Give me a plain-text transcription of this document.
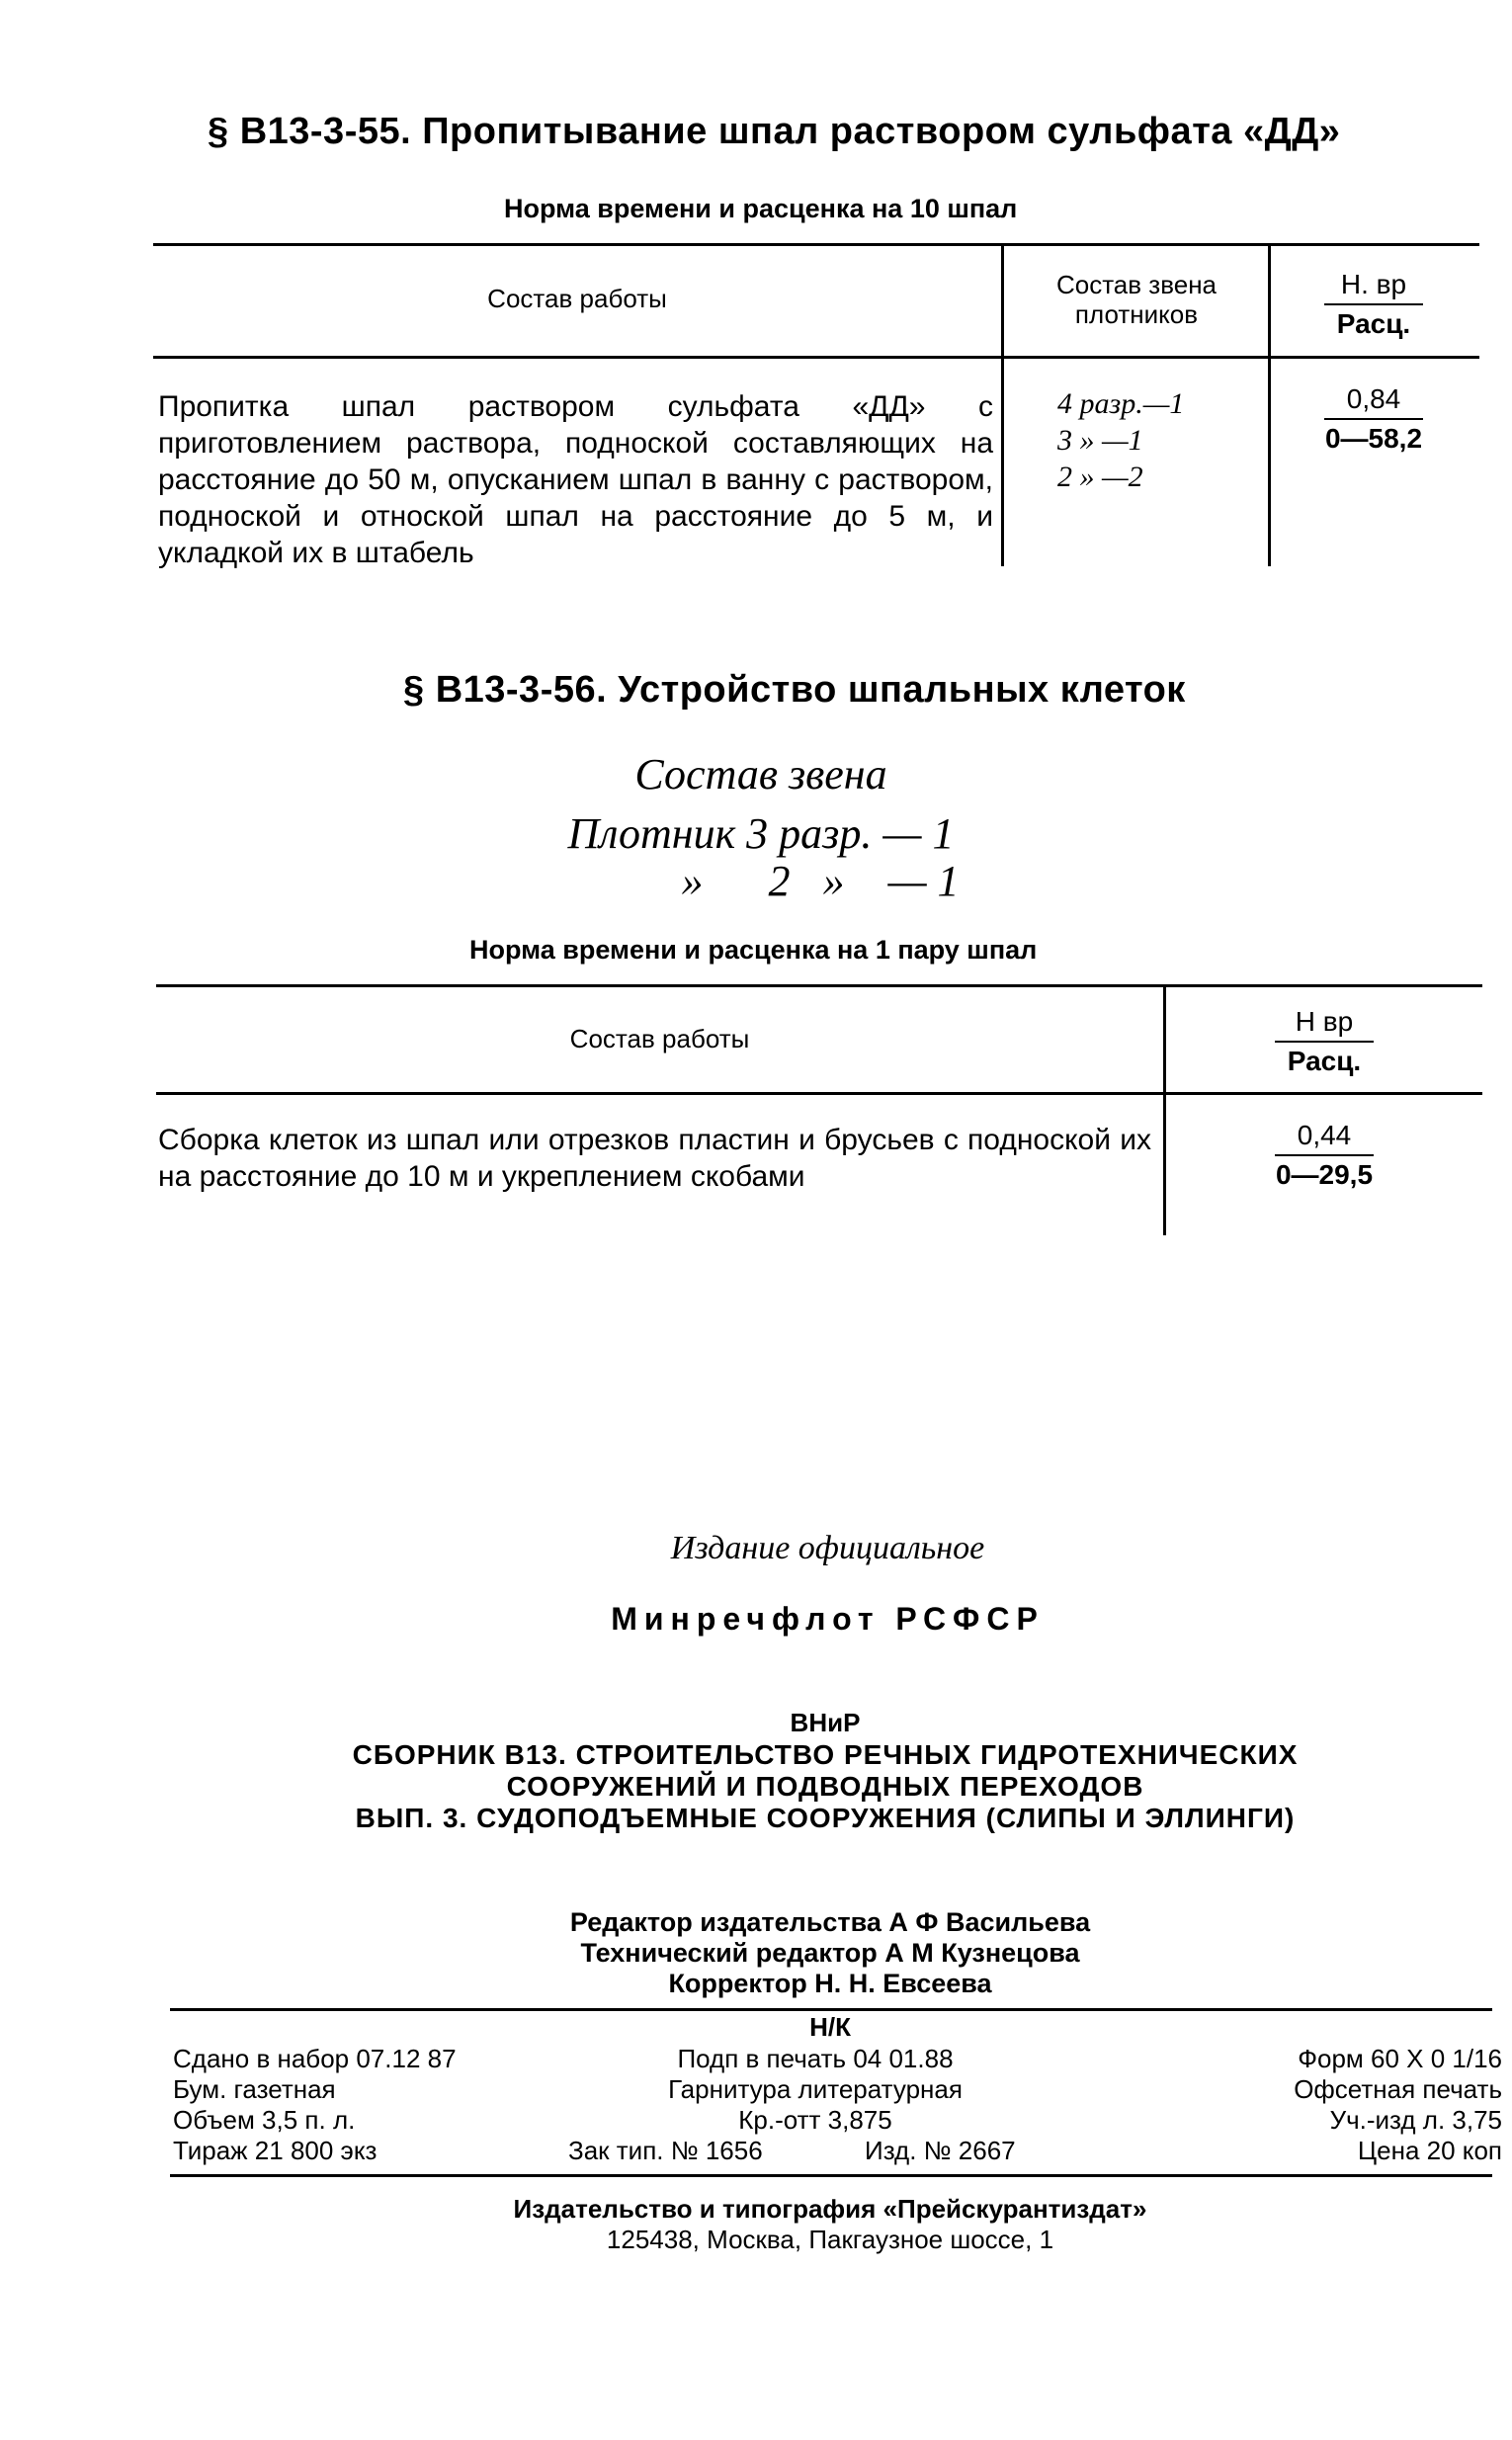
§ В13-3-55. Пропитывание шпал раствором сульфата «ДД»
Норма времени и расценка на 10 шпал
Состав работы	Состав звена плотников
Н. вр
Расц.
Пропитка шпал раствором сульфата «ДД» с приготовлением раствора, подноской составляющих на расстояние до 50 м, опусканием шпал в ванну с раствором, подноской и отноской шпал на расстояние до 5 м, и укладкой их в штабель
4 разр.—1
3 » —1
2 » —2
0,84
0—58,2
§ В13-3-56. Устройство шпальных клеток
Состав звена
Плотник 3 разр. — 1
»      2   »    — 1
Норма времени и расценка на 1 пару шпал
Состав работы
Н вр
Расц.
Сборка клеток из шпал или отрезков пластин и брусьев с подноской их на расстояние до 10 м и укреплением скобами
0,44
0—29,5
Издание официальное
Минречфлот РСФСР
ВНиР
СБОРНИК В13. СТРОИТЕЛЬСТВО РЕЧНЫХ ГИДРОТЕХНИЧЕСКИХ
СООРУЖЕНИЙ И ПОДВОДНЫХ ПЕРЕХОДОВ
ВЫП. 3. СУДОПОДЪЕМНЫЕ СООРУЖЕНИЯ (СЛИПЫ И ЭЛЛИНГИ)
Редактор издательства А Ф Васильева
Технический редактор А М Кузнецова
Корректор Н. Н. Евсеева
Н/К
Сдано в набор 07.12 87
Бум. газетная
Объем 3,5 п. л.
Тираж 21 800 экз
Подп в печать 04 01.88
Гарнитура литературная
Кр.-отт 3,875
Зак тип. № 1656	Изд. № 2667
Форм 60 X 0 1/16
Офсетная печать
Уч.-изд л. 3,75
Цена 20 коп
Издательство и типография «Прейскурантиздат»
125438, Москва, Пакгаузное шоссе, 1
